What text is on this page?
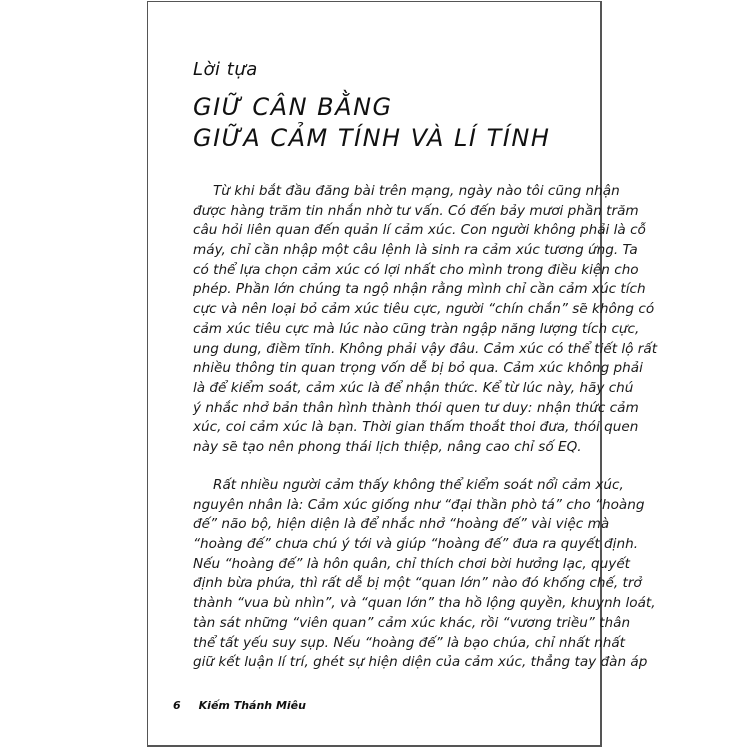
Lời tựa
GIỮ CÂN BẰNG
GIỮA CẢM TÍNH VÀ LÍ TÍNH
Từ khi bắt đầu đăng bài trên mạng, ngày nào tôi cũng nhận
được hàng trăm tin nhắn nhờ tư vấn. Có đến bảy mươi phần trăm
câu hỏi liên quan đến quản lí cảm xúc. Con người không phải là cỗ
máy, chỉ cần nhập một câu lệnh là sinh ra cảm xúc tương ứng. Ta
có thể lựa chọn cảm xúc có lợi nhất cho mình trong điều kiện cho
phép. Phần lớn chúng ta ngộ nhận rằng mình chỉ cần cảm xúc tích
cực và nên loại bỏ cảm xúc tiêu cực, người “chín chắn” sẽ không có
cảm xúc tiêu cực mà lúc nào cũng tràn ngập năng lượng tích cực,
ung dung, điềm tĩnh. Không phải vậy đâu. Cảm xúc có thể tiết lộ rất
nhiều thông tin quan trọng vốn dễ bị bỏ qua. Cảm xúc không phải
là để kiểm soát, cảm xúc là để nhận thức. Kể từ lúc này, hãy chú
ý nhắc nhở bản thân hình thành thói quen tư duy: nhận thức cảm
xúc, coi cảm xúc là bạn. Thời gian thấm thoắt thoi đưa, thói quen
này sẽ tạo nên phong thái lịch thiệp, nâng cao chỉ số EQ.
Rất nhiều người cảm thấy không thể kiểm soát nổi cảm xúc,
nguyên nhân là: Cảm xúc giống như “đại thần phò tá” cho “hoàng
đế” não bộ, hiện diện là để nhắc nhở “hoàng đế” vài việc mà
“hoàng đế” chưa chú ý tới và giúp “hoàng đế” đưa ra quyết định.
Nếu “hoàng đế” là hôn quân, chỉ thích chơi bời hưởng lạc, quyết
định bừa phứa, thì rất dễ bị một “quan lớn” nào đó khống chế, trở
thành “vua bù nhìn”, và “quan lớn” tha hồ lộng quyền, khuynh loát,
tàn sát những “viên quan” cảm xúc khác, rồi “vương triều” thân
thể tất yếu suy sụp. Nếu “hoàng đế” là bạo chúa, chỉ nhất nhất
giữ kết luận lí trí, ghét sự hiện diện của cảm xúc, thẳng tay đàn áp
6 Kiếm Thánh Miêu
